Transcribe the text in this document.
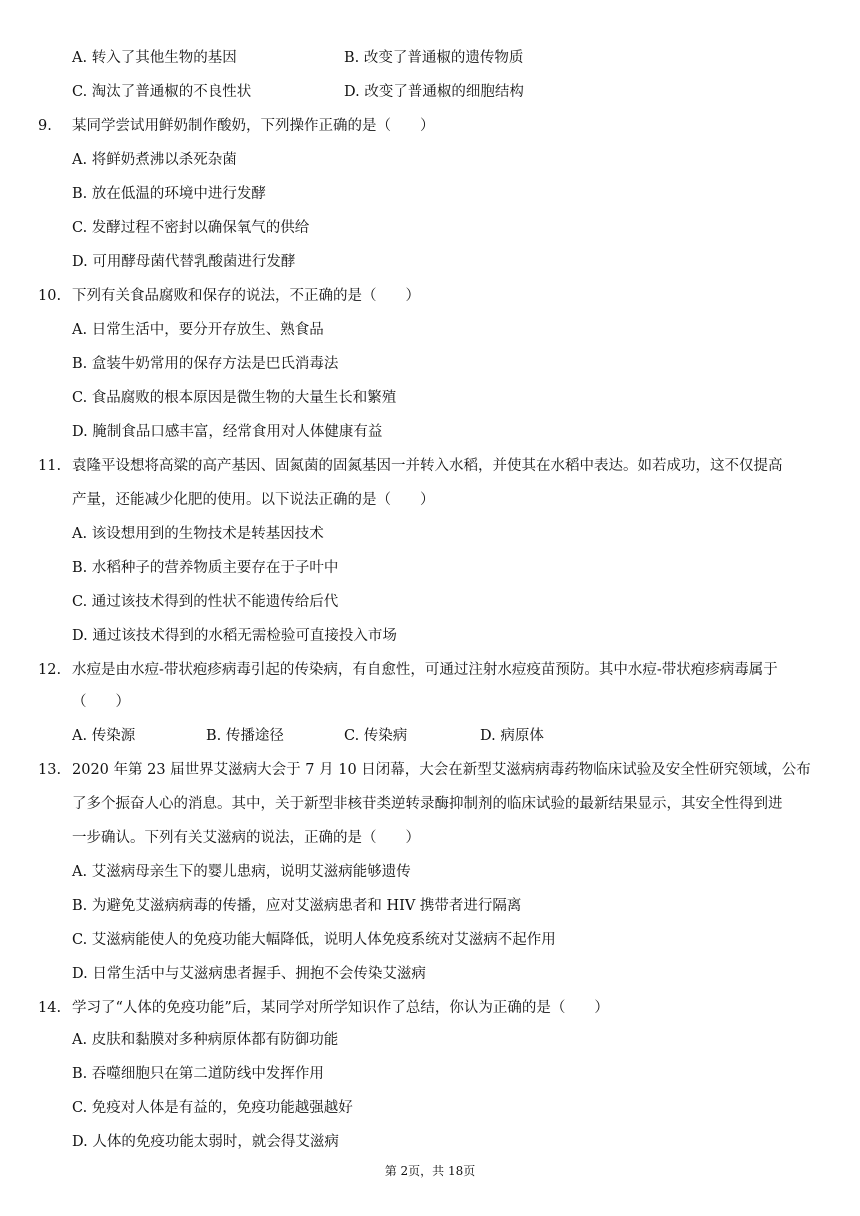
A. 转入了其他生物的基因	B. 改变了普通椒的遗传物质
C. 淘汰了普通椒的不良性状	D. 改变了普通椒的细胞结构
9. 某同学尝试用鲜奶制作酸奶，下列操作正确的是（　　）
A. 将鲜奶煮沸以杀死杂菌
B. 放在低温的环境中进行发酵
C. 发酵过程不密封以确保氧气的供给
D. 可用酵母菌代替乳酸菌进行发酵
10. 下列有关食品腐败和保存的说法，不正确的是（　　）
A. 日常生活中，要分开存放生、熟食品
B. 盒装牛奶常用的保存方法是巴氏消毒法
C. 食品腐败的根本原因是微生物的大量生长和繁殖
D. 腌制食品口感丰富，经常食用对人体健康有益
11. 袁隆平设想将高粱的高产基因、固氮菌的固氮基因一并转入水稻，并使其在水稻中表达。如若成功，这不仅提高
产量，还能减少化肥的使用。以下说法正确的是（　　）
A. 该设想用到的生物技术是转基因技术
B. 水稻种子的营养物质主要存在于子叶中
C. 通过该技术得到的性状不能遗传给后代
D. 通过该技术得到的水稻无需检验可直接投入市场
12. 水痘是由水痘-带状疱疹病毒引起的传染病，有自愈性，可通过注射水痘疫苗预防。其中水痘-带状疱疹病毒属于
（　　）
A. 传染源	B. 传播途径	C. 传染病	D. 病原体
13. 2020 年第 23 届世界艾滋病大会于 7 月 10 日闭幕，大会在新型艾滋病病毒药物临床试验及安全性研究领域，公布
了多个振奋人心的消息。其中，关于新型非核苷类逆转录酶抑制剂的临床试验的最新结果显示，其安全性得到进
一步确认。下列有关艾滋病的说法，正确的是（　　）
A. 艾滋病母亲生下的婴儿患病，说明艾滋病能够遗传
B. 为避免艾滋病病毒的传播，应对艾滋病患者和 HIV 携带者进行隔离
C. 艾滋病能使人的免疫功能大幅降低，说明人体免疫系统对艾滋病不起作用
D. 日常生活中与艾滋病患者握手、拥抱不会传染艾滋病
14. 学习了“人体的免疫功能”后，某同学对所学知识作了总结，你认为正确的是（　　）
A. 皮肤和黏膜对多种病原体都有防御功能
B. 吞噬细胞只在第二道防线中发挥作用
C. 免疫对人体是有益的，免疫功能越强越好
D. 人体的免疫功能太弱时，就会得艾滋病
第 2页，共 18页
